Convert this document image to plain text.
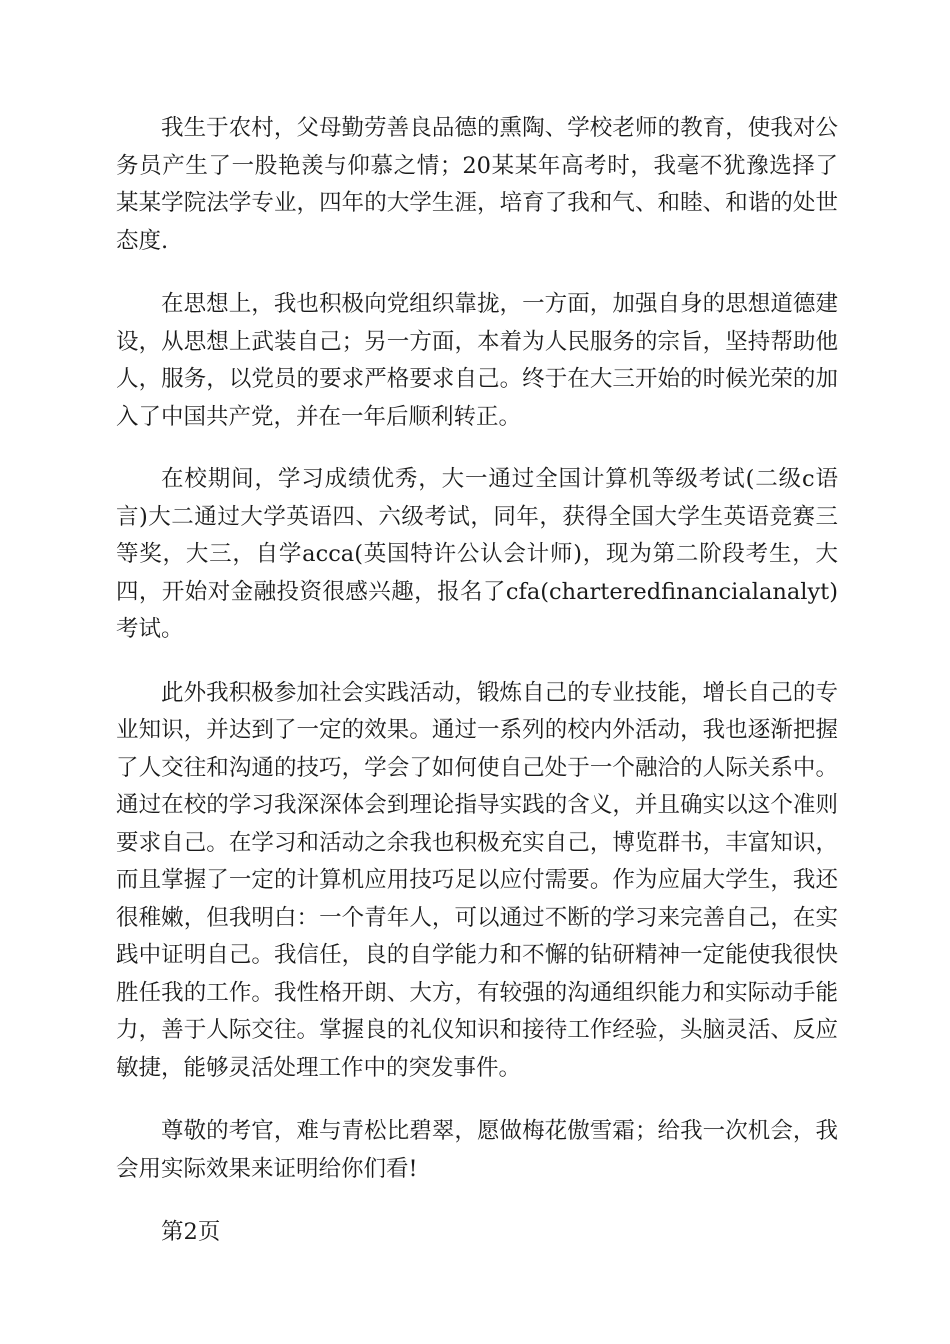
我生于农村，父母勤劳善良品德的熏陶、学校老师的教育，使我对公务员产生了一股艳羡与仰慕之情；20某某年高考时，我毫不犹豫选择了某某学院法学专业，四年的大学生涯，培育了我和气、和睦、和谐的处世态度.

在思想上，我也积极向党组织靠拢，一方面，加强自身的思想道德建设，从思想上武装自己；另一方面，本着为人民服务的宗旨，坚持帮助他人，服务，以党员的要求严格要求自己。终于在大三开始的时候光荣的加入了中国共产党，并在一年后顺利转正。

在校期间，学习成绩优秀，大一通过全国计算机等级考试(二级c语言)大二通过大学英语四、六级考试，同年，获得全国大学生英语竞赛三等奖，大三，自学acca(英国特许公认会计师)，现为第二阶段考生，大四，开始对金融投资很感兴趣，报名了cfa(charteredfinancialanalyt)考试。

此外我积极参加社会实践活动，锻炼自己的专业技能，增长自己的专业知识，并达到了一定的效果。通过一系列的校内外活动，我也逐渐把握了人交往和沟通的技巧，学会了如何使自己处于一个融洽的人际关系中。通过在校的学习我深深体会到理论指导实践的含义，并且确实以这个准则要求自己。在学习和活动之余我也积极充实自己，博览群书，丰富知识，而且掌握了一定的计算机应用技巧足以应付需要。作为应届大学生，我还很稚嫩，但我明白：一个青年人，可以通过不断的学习来完善自己，在实践中证明自己。我信任，良的自学能力和不懈的钻研精神一定能使我很快胜任我的工作。我性格开朗、大方，有较强的沟通组织能力和实际动手能力，善于人际交往。掌握良的礼仪知识和接待工作经验，头脑灵活、反应敏捷，能够灵活处理工作中的突发事件。

尊敬的考官，难与青松比碧翠，愿做梅花傲雪霜；给我一次机会，我会用实际效果来证明给你们看!

第2页
